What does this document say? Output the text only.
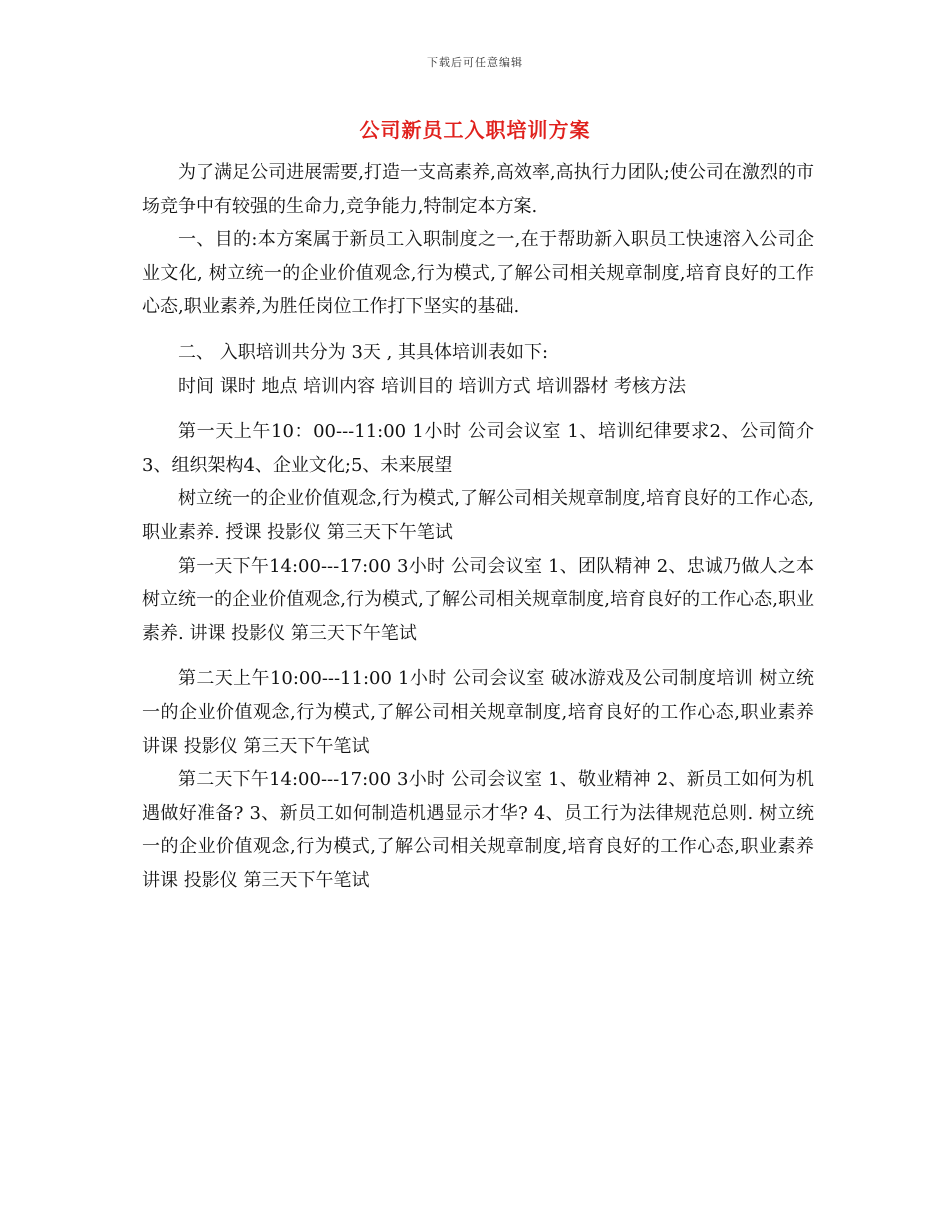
下载后可任意编辑
公司新员工入职培训方案

为了满足公司进展需要,打造一支高素养,高效率,高执行力团队;使公司在激烈的市场竞争中有较强的生命力,竞争能力,特制定本方案.

一、目的:本方案属于新员工入职制度之一,在于帮助新入职员工快速溶入公司企业文化, 树立统一的企业价值观念,行为模式,了解公司相关规章制度,培育良好的工作心态,职业素养,为胜任岗位工作打下坚实的基础.

二、 入职培训共分为 3天 , 其具体培训表如下:

时间 课时 地点 培训内容 培训目的 培训方式 培训器材 考核方法

第一天上午10：00---11:00 1小时 公司会议室 1、培训纪律要求2、公司简介3、组织架构4、企业文化;5、未来展望

树立统一的企业价值观念,行为模式,了解公司相关规章制度,培育良好的工作心态,职业素养. 授课 投影仪 第三天下午笔试

第一天下午14:00---17:00 3小时 公司会议室 1、团队精神 2、忠诚乃做人之本 树立统一的企业价值观念,行为模式,了解公司相关规章制度,培育良好的工作心态,职业素养. 讲课 投影仪 第三天下午笔试

第二天上午10:00---11:00 1小时 公司会议室 破冰游戏及公司制度培训 树立统一的企业价值观念,行为模式,了解公司相关规章制度,培育良好的工作心态,职业素养 讲课 投影仪 第三天下午笔试

第二天下午14:00---17:00 3小时 公司会议室 1、敬业精神 2、新员工如何为机遇做好准备? 3、新员工如何制造机遇显示才华? 4、员工行为法律规范总则. 树立统一的企业价值观念,行为模式,了解公司相关规章制度,培育良好的工作心态,职业素养 讲课 投影仪 第三天下午笔试
